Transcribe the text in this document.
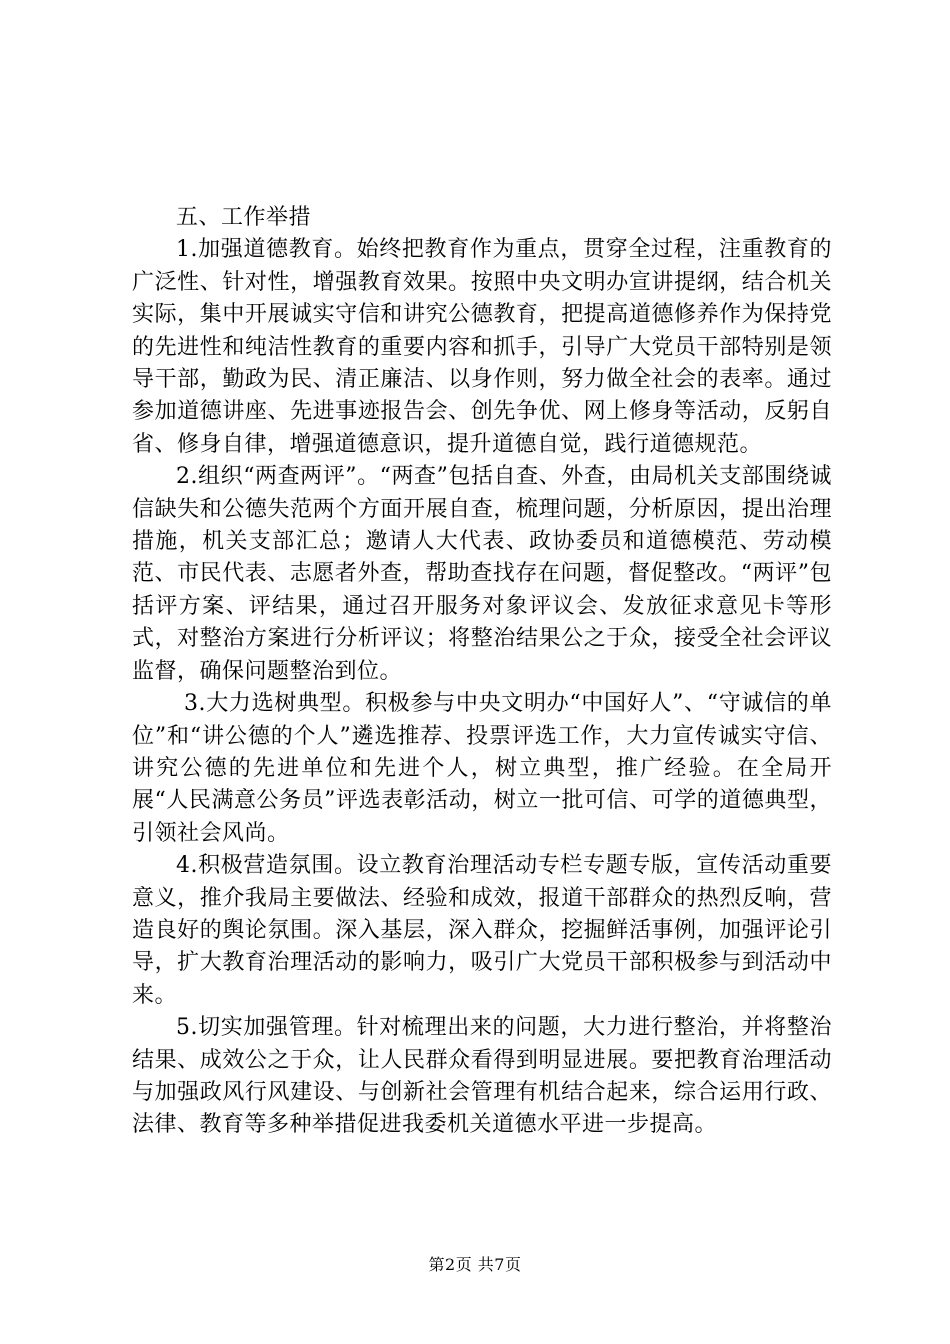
五、工作举措

1.加强道德教育。始终把教育作为重点，贯穿全过程，注重教育的广泛性、针对性，增强教育效果。按照中央文明办宣讲提纲，结合机关实际，集中开展诚实守信和讲究公德教育，把提高道德修养作为保持党的先进性和纯洁性教育的重要内容和抓手，引导广大党员干部特别是领导干部，勤政为民、清正廉洁、以身作则，努力做全社会的表率。通过参加道德讲座、先进事迹报告会、创先争优、网上修身等活动，反躬自省、修身自律，增强道德意识，提升道德自觉，践行道德规范。

2.组织“两查两评”。“两查”包括自查、外查，由局机关支部围绕诚信缺失和公德失范两个方面开展自查，梳理问题，分析原因，提出治理措施，机关支部汇总；邀请人大代表、政协委员和道德模范、劳动模范、市民代表、志愿者外查，帮助查找存在问题，督促整改。“两评”包括评方案、评结果，通过召开服务对象评议会、发放征求意见卡等形式，对整治方案进行分析评议；将整治结果公之于众，接受全社会评议监督，确保问题整治到位。

3.大力选树典型。积极参与中央文明办“中国好人”、“守诚信的单位”和“讲公德的个人”遴选推荐、投票评选工作，大力宣传诚实守信、讲究公德的先进单位和先进个人，树立典型，推广经验。在全局开展“人民满意公务员”评选表彰活动，树立一批可信、可学的道德典型，引领社会风尚。

4.积极营造氛围。设立教育治理活动专栏专题专版，宣传活动重要意义，推介我局主要做法、经验和成效，报道干部群众的热烈反响，营造良好的舆论氛围。深入基层，深入群众，挖掘鲜活事例，加强评论引导，扩大教育治理活动的影响力，吸引广大党员干部积极参与到活动中来。

5.切实加强管理。针对梳理出来的问题，大力进行整治，并将整治结果、成效公之于众，让人民群众看得到明显进展。要把教育治理活动与加强政风行风建设、与创新社会管理有机结合起来，综合运用行政、法律、教育等多种举措促进我委机关道德水平进一步提高。

第2页 共7页
